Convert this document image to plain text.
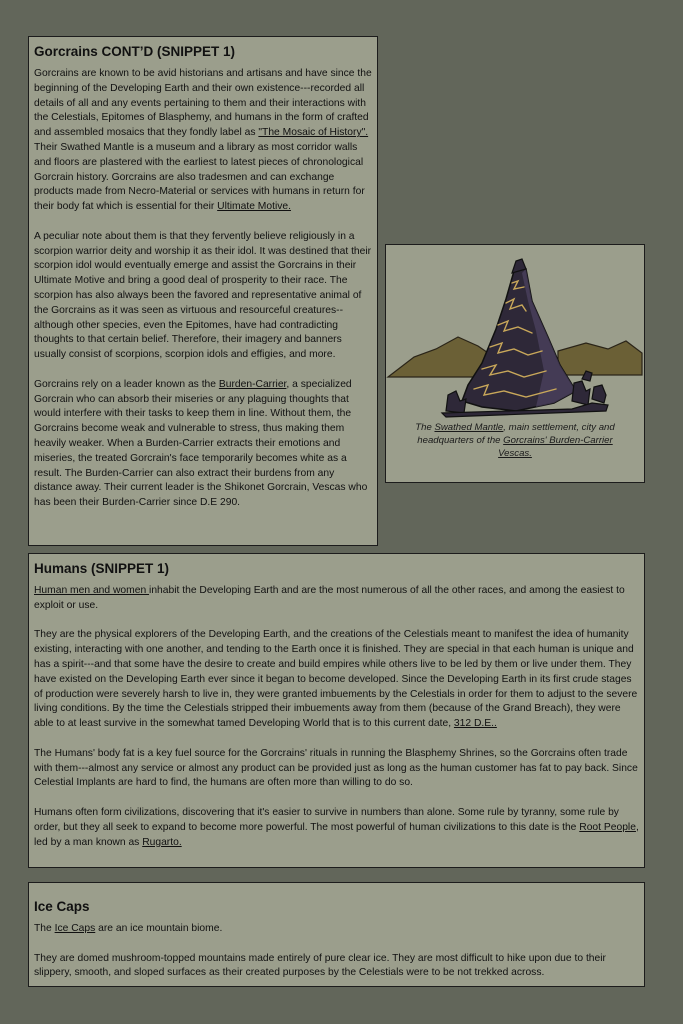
Gorcrains CONT’D (SNIPPET 1)

Gorcrains are known to be avid historians and artisans and have since the beginning of the Developing Earth and their own existence---recorded all details of all and any events pertaining to them and their interactions with the Celestials, Epitomes of Blasphemy, and humans in the form of crafted and assembled mosaics that they fondly label as "The Mosaic of History". Their Swathed Mantle is a museum and a library as most corridor walls and floors are plastered with the earliest to latest pieces of chronological Gorcrain history. Gorcrains are also tradesmen and can exchange products made from Necro-Material or services with humans in return for their body fat which is essential for their Ultimate Motive.

A peculiar note about them is that they fervently believe religiously in a scorpion warrior deity and worship it as their idol. It was destined that their scorpion idol would eventually emerge and assist the Gorcrains in their Ultimate Motive and bring a good deal of prosperity to their race. The scorpion has also always been the favored and representative animal of the Gorcrains as it was seen as virtuous and resourceful creatures--although other species, even the Epitomes, have had contradicting thoughts to that certain belief. Therefore, their imagery and banners usually consist of scorpions, scorpion idols and effigies, and more.

Gorcrains rely on a leader known as the Burden-Carrier, a specialized Gorcrain who can absorb their miseries or any plaguing thoughts that would interfere with their tasks to keep them in line. Without them, the Gorcrains become weak and vulnerable to stress, thus making them heavily weaker. When a Burden-Carrier extracts their emotions and miseries, the treated Gorcrain's face temporarily becomes white as a result. The Burden-Carrier can also extract their burdens from any distance away. Their current leader is the Shikonet Gorcrain, Vescas who has been their Burden-Carrier since D.E 290.

The Swathed Mantle, main settlement, city and headquarters of the Gorcrains' Burden-Carrier Vescas.
Humans (SNIPPET 1)

Human men and women inhabit the Developing Earth and are the most numerous of all the other races, and among the easiest to exploit or use.

They are the physical explorers of the Developing Earth, and the creations of the Celestials meant to manifest the idea of humanity existing, interacting with one another, and tending to the Earth once it is finished. They are special in that each human is unique and has a spirit---and that some have the desire to create and build empires while others live to be led by them or live under them. They have existed on the Developing Earth ever since it began to become developed. Since the Developing Earth in its first crude stages of production were severely harsh to live in, they were granted imbuements by the Celestials in order for them to adjust to the severe living conditions. By the time the Celestials stripped their imbuements away from them (because of the Grand Breach), they were able to at least survive in the somewhat tamed Developing World that is to this current date, 312 D.E..

The Humans' body fat is a key fuel source for the Gorcrains' rituals in running the Blasphemy Shrines, so the Gorcrains often trade with them---almost any service or almost any product can be provided just as long as the human customer has fat to pay back. Since Celestial Implants are hard to find, the humans are often more than willing to do so.

Humans often form civilizations, discovering that it's easier to survive in numbers than alone. Some rule by tyranny, some rule by order, but they all seek to expand to become more powerful. The most powerful of human civilizations to this date is the Root People, led by a man known as Rugarto.

Ice Caps

The Ice Caps are an ice mountain biome.

They are domed mushroom-topped mountains made entirely of pure clear ice. They are most difficult to hike upon due to their slippery, smooth, and sloped surfaces as their created purposes by the Celestials were to be not trekked across.
